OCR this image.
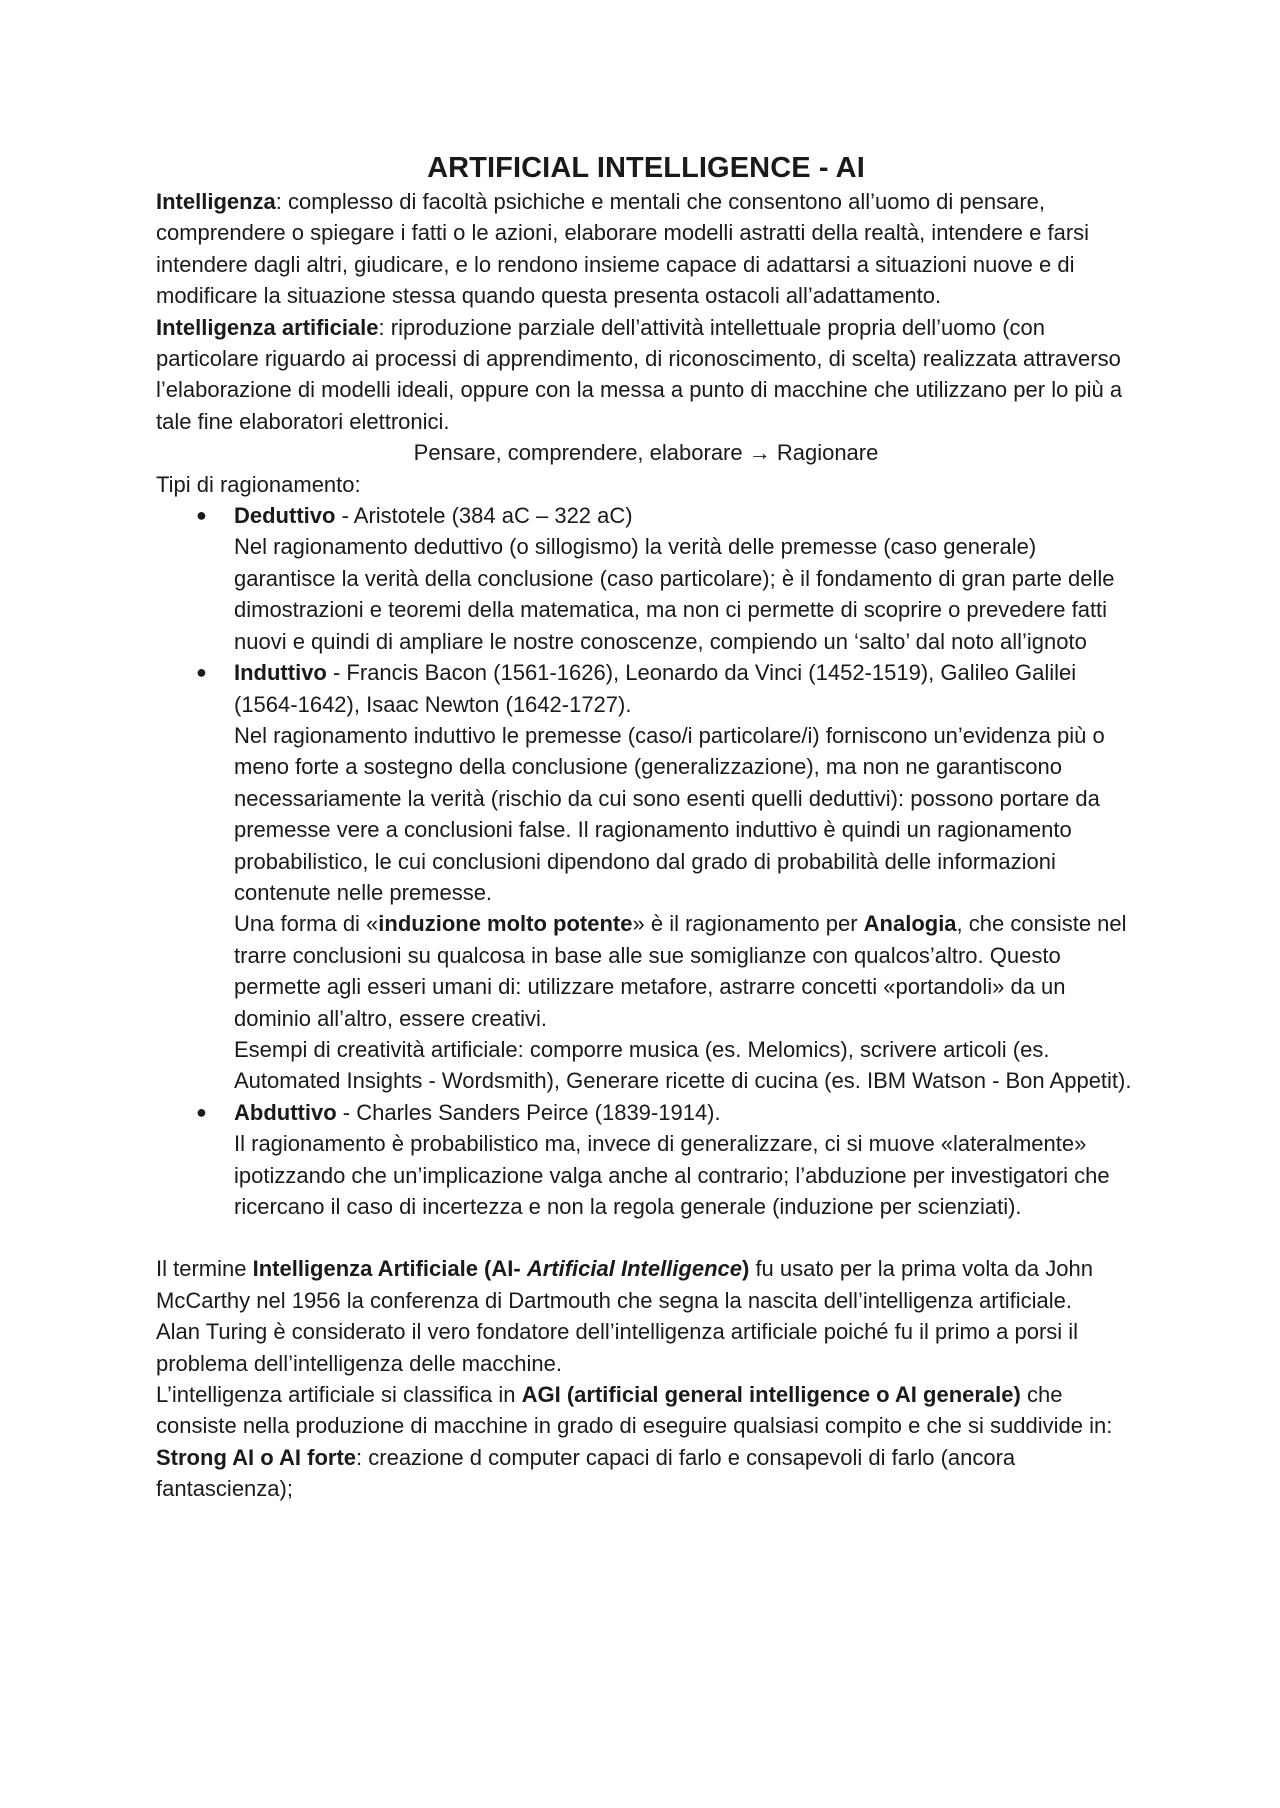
ARTIFICIAL INTELLIGENCE - AI

Intelligenza: complesso di facoltà psichiche e mentali che consentono all’uomo di pensare, comprendere o spiegare i fatti o le azioni, elaborare modelli astratti della realtà, intendere e farsi intendere dagli altri, giudicare, e lo rendono insieme capace di adattarsi a situazioni nuove e di modificare la situazione stessa quando questa presenta ostacoli all’adattamento.

Intelligenza artificiale: riproduzione parziale dell’attività intellettuale propria dell’uomo (con particolare riguardo ai processi di apprendimento, di riconoscimento, di scelta) realizzata attraverso l’elaborazione di modelli ideali, oppure con la messa a punto di macchine che utilizzano per lo più a tale fine elaboratori elettronici.

Pensare, comprendere, elaborare → Ragionare

Tipi di ragionamento:

● Deduttivo - Aristotele (384 aC – 322 aC)

Nel ragionamento deduttivo (o sillogismo) la verità delle premesse (caso generale) garantisce la verità della conclusione (caso particolare); è il fondamento di gran parte delle dimostrazioni e teoremi della matematica, ma non ci permette di scoprire o prevedere fatti nuovi e quindi di ampliare le nostre conoscenze, compiendo un ‘salto’ dal noto all’ignoto

● Induttivo - Francis Bacon (1561-1626), Leonardo da Vinci (1452-1519), Galileo Galilei (1564-1642), Isaac Newton (1642-1727).

Nel ragionamento induttivo le premesse (caso/i particolare/i) forniscono un’evidenza più o meno forte a sostegno della conclusione (generalizzazione), ma non ne garantiscono necessariamente la verità (rischio da cui sono esenti quelli deduttivi): possono portare da premesse vere a conclusioni false. Il ragionamento induttivo è quindi un ragionamento probabilistico, le cui conclusioni dipendono dal grado di probabilità delle informazioni contenute nelle premesse.

Una forma di «induzione molto potente» è il ragionamento per Analogia, che consiste nel trarre conclusioni su qualcosa in base alle sue somiglianze con qualcos’altro. Questo permette agli esseri umani di: utilizzare metafore, astrarre concetti «portandoli» da un dominio all’altro, essere creativi.

Esempi di creatività artificiale: comporre musica (es. Melomics), scrivere articoli (es. Automated Insights - Wordsmith), Generare ricette di cucina (es. IBM Watson - Bon Appetit).

● Abduttivo - Charles Sanders Peirce (1839-1914).

Il ragionamento è probabilistico ma, invece di generalizzare, ci si muove «lateralmente» ipotizzando che un’implicazione valga anche al contrario; l’abduzione per investigatori che ricercano il caso di incertezza e non la regola generale (induzione per scienziati).

Il termine Intelligenza Artificiale (AI- Artificial Intelligence) fu usato per la prima volta da John McCarthy nel 1956 la conferenza di Dartmouth che segna la nascita dell’intelligenza artificiale.

Alan Turing è considerato il vero fondatore dell’intelligenza artificiale poiché fu il primo a porsi il problema dell’intelligenza delle macchine.

L’intelligenza artificiale si classifica in AGI (artificial general intelligence o AI generale) che consiste nella produzione di macchine in grado di eseguire qualsiasi compito e che si suddivide in: Strong AI o AI forte: creazione d computer capaci di farlo e consapevoli di farlo (ancora fantascienza);
